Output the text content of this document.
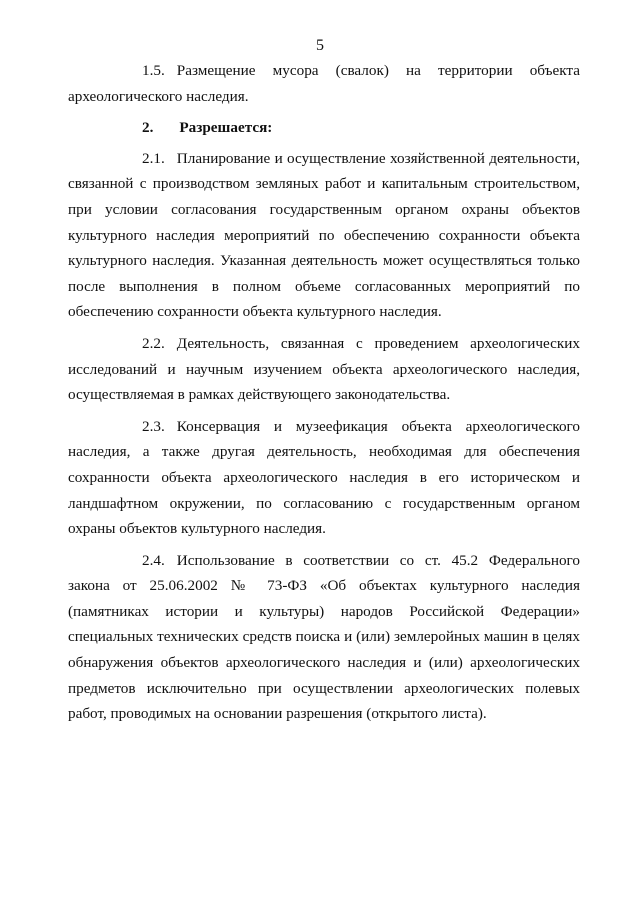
5

1.5. Размещение мусора (свалок) на территории объекта археологического наследия.

2. Разрешается:

2.1. Планирование и осуществление хозяйственной деятельности, связанной с производством земляных работ и капитальным строительством, при условии согласования государственным органом охраны объектов культурного наследия мероприятий по обеспечению сохранности объекта культурного наследия. Указанная деятельность может осуществляться только после выполнения в полном объеме согласованных мероприятий по обеспечению сохранности объекта культурного наследия.

2.2. Деятельность, связанная с проведением археологических исследований и научным изучением объекта археологического наследия, осуществляемая в рамках действующего законодательства.

2.3. Консервация и музеефикация объекта археологического наследия, а также другая деятельность, необходимая для обеспечения сохранности объекта археологического наследия в его историческом и ландшафтном окружении, по согласованию с государственным органом охраны объектов культурного наследия.

2.4. Использование в соответствии со ст. 45.2 Федерального закона от 25.06.2002 № 73-ФЗ «Об объектах культурного наследия (памятниках истории и культуры) народов Российской Федерации» специальных технических средств поиска и (или) землеройных машин в целях обнаружения объектов археологического наследия и (или) археологических предметов исключительно при осуществлении археологических полевых работ, проводимых на основании разрешения (открытого листа).
